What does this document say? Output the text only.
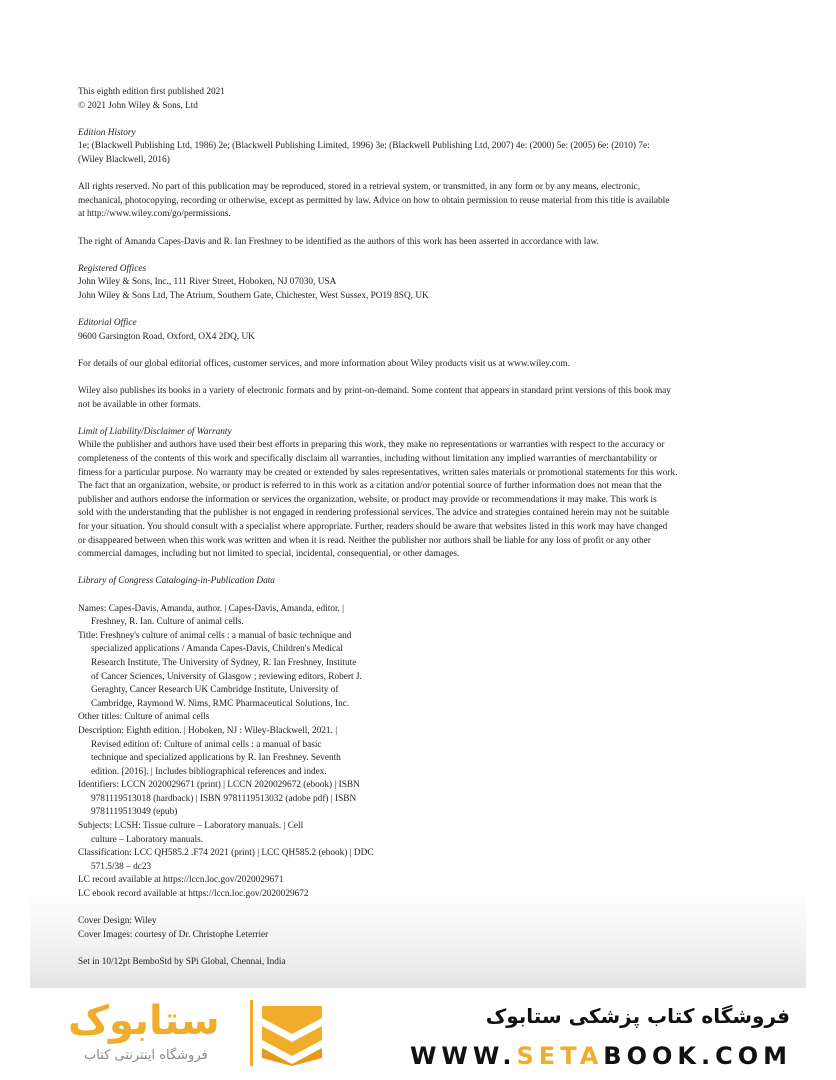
This eighth edition first published 2021

© 2021 John Wiley & Sons, Ltd

Edition History

1e; (Blackwell Publishing Ltd, 1986) 2e; (Blackwell Publishing Limited, 1996) 3e; (Blackwell Publishing Ltd, 2007) 4e: (2000) 5e: (2005) 6e: (2010) 7e:

(Wiley Blackwell, 2016)

All rights reserved. No part of this publication may be reproduced, stored in a retrieval system, or transmitted, in any form or by any means, electronic,

mechanical, photocopying, recording or otherwise, except as permitted by law. Advice on how to obtain permission to reuse material from this title is available

at http://www.wiley.com/go/permissions.

The right of Amanda Capes-Davis and R. Ian Freshney to be identified as the authors of this work has been asserted in accordance with law.

Registered Offices

John Wiley & Sons, Inc., 111 River Street, Hoboken, NJ 07030, USA

John Wiley & Sons Ltd, The Atrium, Southern Gate, Chichester, West Sussex, PO19 8SQ, UK

Editorial Office

9600 Garsington Road, Oxford, OX4 2DQ, UK

For details of our global editorial offices, customer services, and more information about Wiley products visit us at www.wiley.com.

Wiley also publishes its books in a variety of electronic formats and by print-on-demand. Some content that appears in standard print versions of this book may

not be available in other formats.

Limit of Liability/Disclaimer of Warranty

While the publisher and authors have used their best efforts in preparing this work, they make no representations or warranties with respect to the accuracy or

completeness of the contents of this work and specifically disclaim all warranties, including without limitation any implied warranties of merchantability or

fitness for a particular purpose. No warranty may be created or extended by sales representatives, written sales materials or promotional statements for this work.

The fact that an organization, website, or product is referred to in this work as a citation and/or potential source of further information does not mean that the

publisher and authors endorse the information or services the organization, website, or product may provide or recommendations it may make. This work is

sold with the understanding that the publisher is not engaged in rendering professional services. The advice and strategies contained herein may not be suitable

for your situation. You should consult with a specialist where appropriate. Further, readers should be aware that websites listed in this work may have changed

or disappeared between when this work was written and when it is read. Neither the publisher nor authors shall be liable for any loss of profit or any other

commercial damages, including but not limited to special, incidental, consequential, or other damages.

Library of Congress Cataloging-in-Publication Data

Names: Capes-Davis, Amanda, author. | Capes-Davis, Amanda, editor. |
Freshney, R. Ian. Culture of animal cells.

Title: Freshney's culture of animal cells : a manual of basic technique and
specialized applications / Amanda Capes-Davis, Children's Medical
Research Institute, The University of Sydney, R. Ian Freshney, Institute
of Cancer Sciences, University of Glasgow ; reviewing editors, Robert J.
Geraghty, Cancer Research UK Cambridge Institute, University of
Cambridge, Raymond W. Nims, RMC Pharmaceutical Solutions, Inc.

Other titles: Culture of animal cells

Description: Eighth edition. | Hoboken, NJ : Wiley-Blackwell, 2021. |
Revised edition of: Culture of animal cells : a manual of basic
technique and specialized applications by R. Ian Freshney. Seventh
edition. [2016]. | Includes bibliographical references and index.

Identifiers: LCCN 2020029671 (print) | LCCN 2020029672 (ebook) | ISBN
9781119513018 (hardback) | ISBN 9781119513032 (adobe pdf) | ISBN
9781119513049 (epub)

Subjects: LCSH: Tissue culture – Laboratory manuals. | Cell
culture – Laboratory manuals.

Classification: LCC QH585.2 .F74 2021 (print) | LCC QH585.2 (ebook) | DDC
571.5/38 – dc23

LC record available at https://lccn.loc.gov/2020029671

LC ebook record available at https://lccn.loc.gov/2020029672

Cover Design: Wiley

Cover Images: courtesy of Dr. Christophe Leterrier

Set in 10/12pt BemboStd by SPi Global, Chennai, India

ستابوک
فروشگاه اینترنتی کتاب
فروشگاه کتاب پزشکی ستابوک
WWW.SETABOOK.COM
